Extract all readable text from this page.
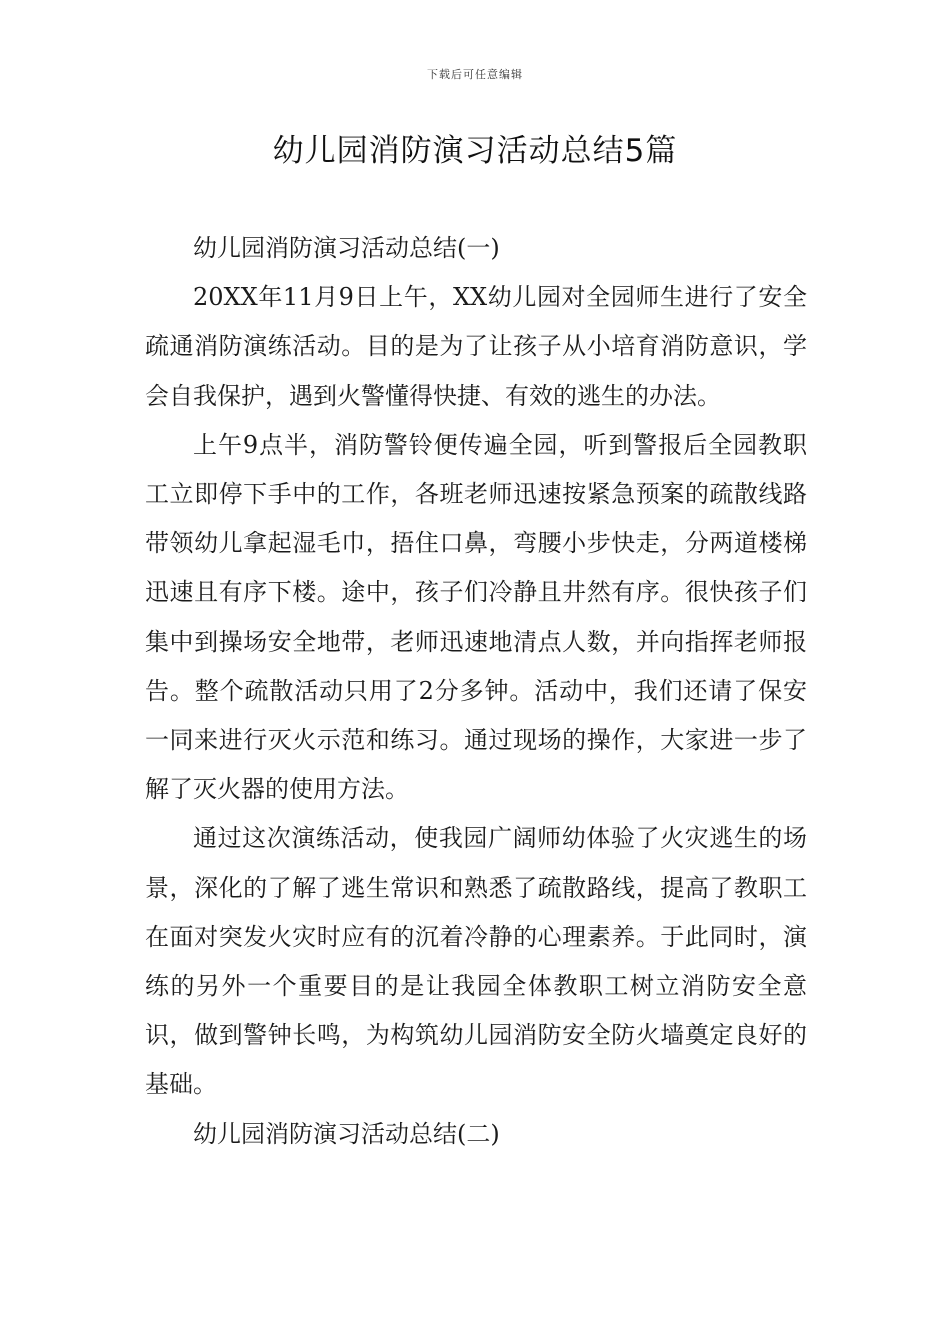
下载后可任意编辑
幼儿园消防演习活动总结5篇

幼儿园消防演习活动总结(一)

20XX年11月9日上午，XX幼儿园对全园师生进行了安全疏通消防演练活动。目的是为了让孩子从小培育消防意识，学会自我保护，遇到火警懂得快捷、有效的逃生的办法。

上午9点半，消防警铃便传遍全园，听到警报后全园教职工立即停下手中的工作，各班老师迅速按紧急预案的疏散线路带领幼儿拿起湿毛巾，捂住口鼻，弯腰小步快走，分两道楼梯迅速且有序下楼。途中，孩子们冷静且井然有序。很快孩子们集中到操场安全地带，老师迅速地清点人数，并向指挥老师报告。整个疏散活动只用了2分多钟。活动中，我们还请了保安一同来进行灭火示范和练习。通过现场的操作，大家进一步了解了灭火器的使用方法。

通过这次演练活动，使我园广阔师幼体验了火灾逃生的场景，深化的了解了逃生常识和熟悉了疏散路线，提高了教职工在面对突发火灾时应有的沉着冷静的心理素养。于此同时，演练的另外一个重要目的是让我园全体教职工树立消防安全意识，做到警钟长鸣，为构筑幼儿园消防安全防火墙奠定良好的基础。

幼儿园消防演习活动总结(二)
